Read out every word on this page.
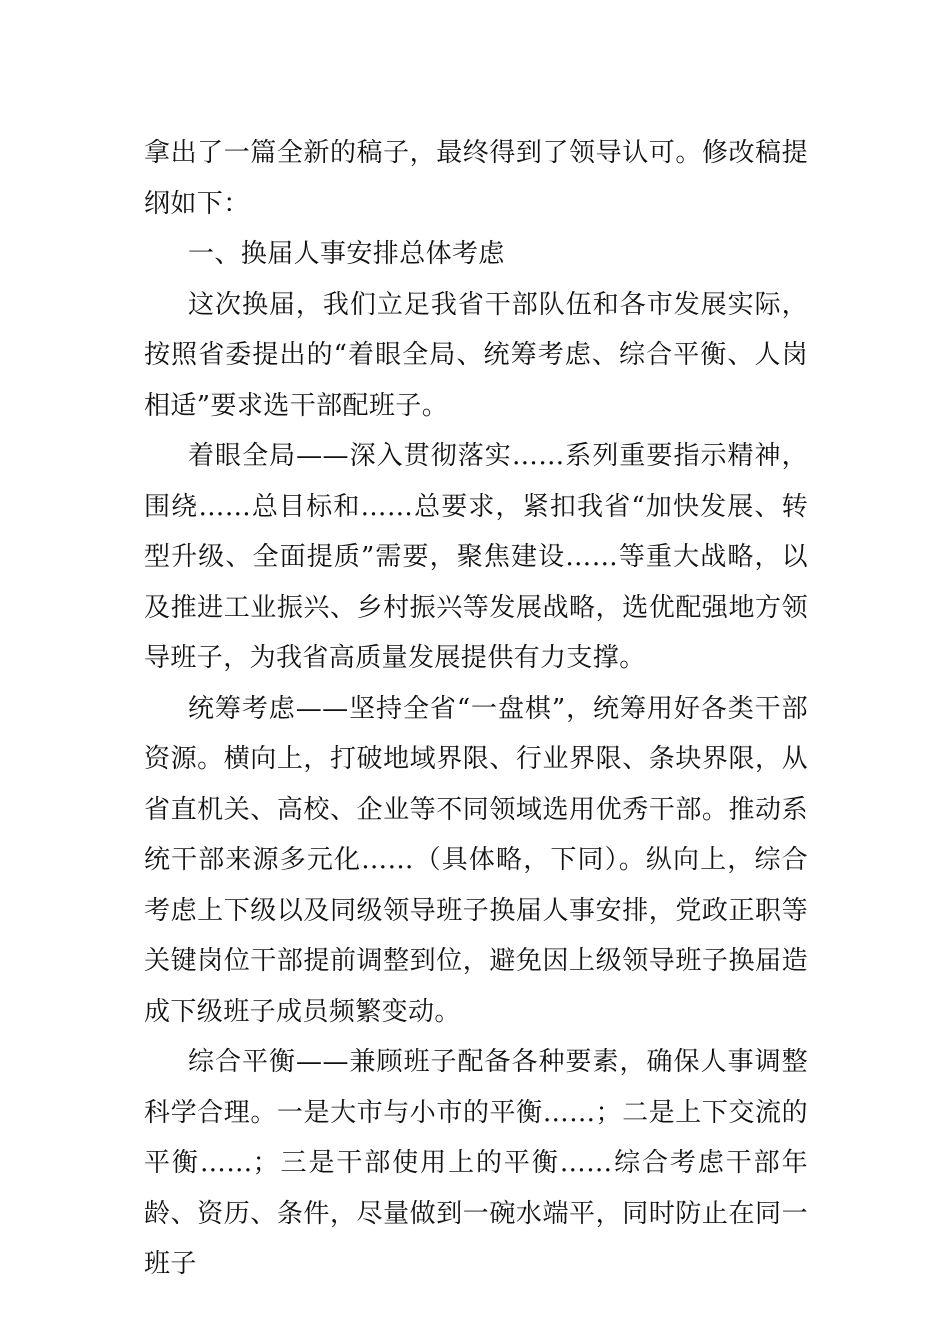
拿出了一篇全新的稿子，最终得到了领导认可。修改稿提纲如下：

一、换届人事安排总体考虑

这次换届，我们立足我省干部队伍和各市发展实际，按照省委提出的“着眼全局、统筹考虑、综合平衡、人岗相适”要求选干部配班子。

着眼全局——深入贯彻落实……系列重要指示精神，围绕……总目标和……总要求，紧扣我省“加快发展、转型升级、全面提质”需要，聚焦建设……等重大战略，以及推进工业振兴、乡村振兴等发展战略，选优配强地方领导班子，为我省高质量发展提供有力支撑。

统筹考虑——坚持全省“一盘棋”，统筹用好各类干部资源。横向上，打破地域界限、行业界限、条块界限，从省直机关、高校、企业等不同领域选用优秀干部。推动系统干部来源多元化……（具体略，下同）。纵向上，综合考虑上下级以及同级领导班子换届人事安排，党政正职等关键岗位干部提前调整到位，避免因上级领导班子换届造成下级班子成员频繁变动。

综合平衡——兼顾班子配备各种要素，确保人事调整科学合理。一是大市与小市的平衡……；二是上下交流的平衡……；三是干部使用上的平衡……综合考虑干部年龄、资历、条件，尽量做到一碗水端平，同时防止在同一班子
